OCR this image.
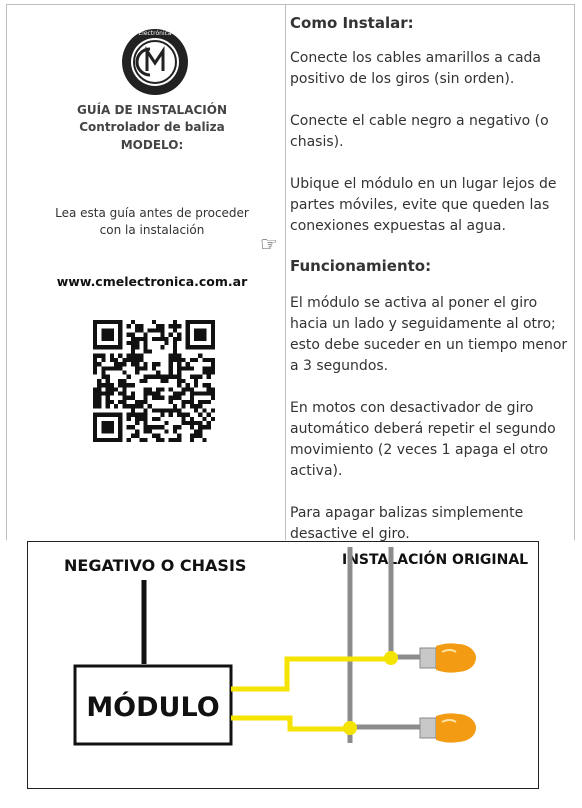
Electrónica
GUÍA DE INSTALACIÓN
Controlador de baliza
MODELO:
Lea esta guía antes de proceder
con la instalación
☞
www.cmelectronica.com.ar

Como Instalar:

Conecte los cables amarillos a cada positivo de los giros (sin orden).

Conecte el cable negro a negativo (o chasis).

Ubique el módulo en un lugar lejos de partes móviles, evite que queden las conexiones expuestas al agua.

Funcionamiento:

El módulo se activa al poner el giro hacia un lado y seguidamente al otro; esto debe suceder en un tiempo menor a 3 segundos.

En motos con desactivador de giro automático deberá repetir el segundo movimiento (2 veces 1 apaga el otro activa).

Para apagar balizas simplemente desactive el giro.

NEGATIVO O CHASIS	INSTALACIÓN ORIGINAL
MÓDULO
